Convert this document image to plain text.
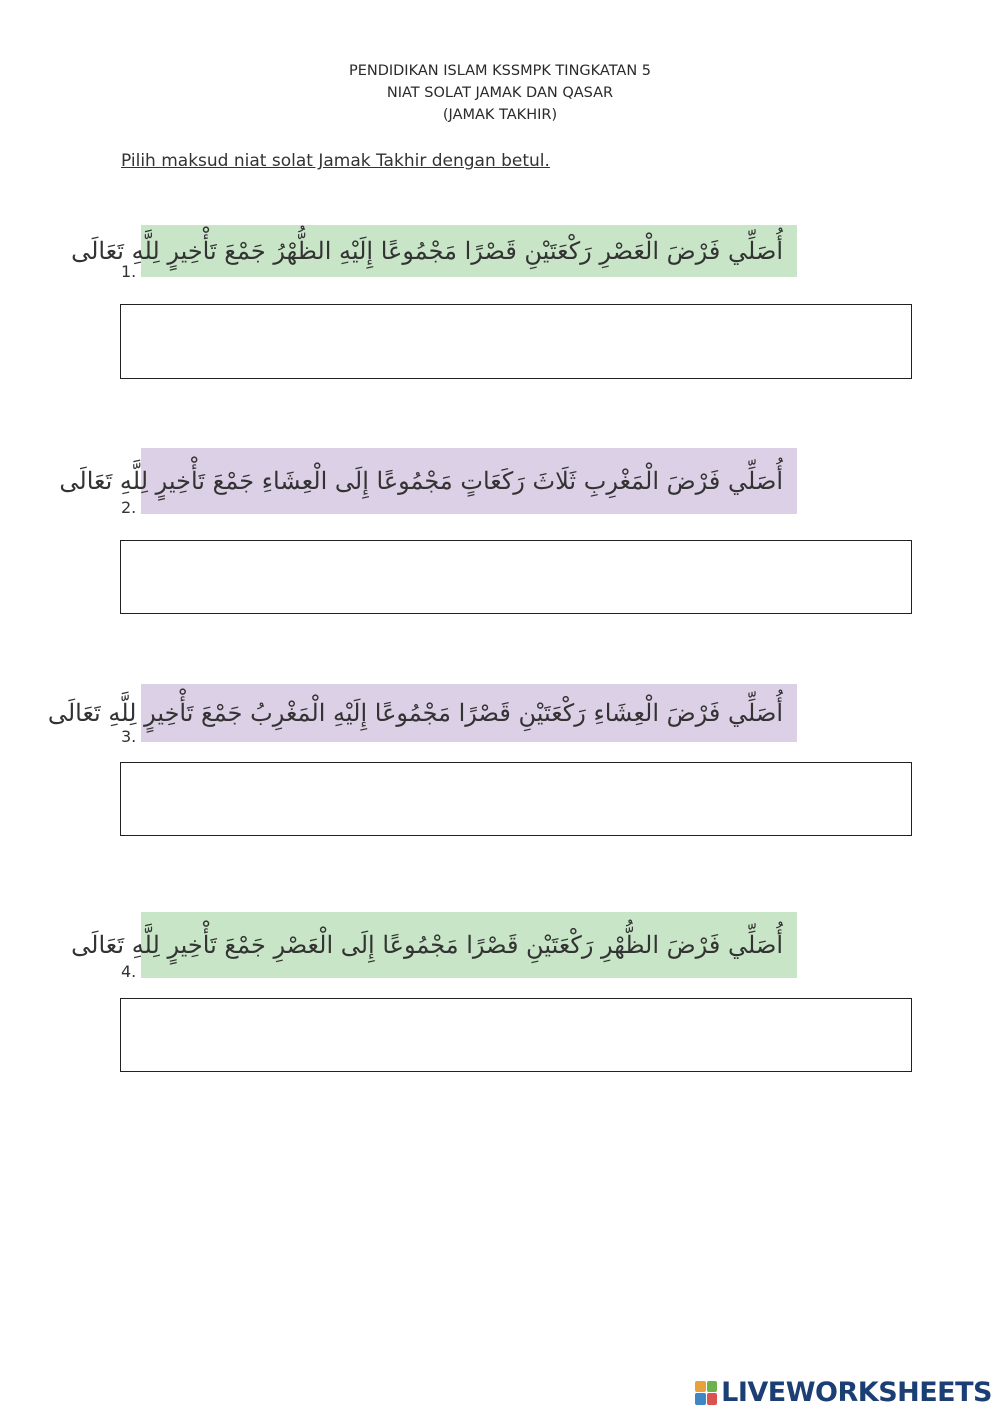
PENDIDIKAN ISLAM KSSMPK TINGKATAN 5
NIAT SOLAT JAMAK DAN QASAR
(JAMAK TAKHIR)
Pilih maksud niat solat Jamak Takhir dengan betul.
أُصَلِّي فَرْضَ الْعَصْرِ رَكْعَتَيْنِ قَصْرًا مَجْمُوعًا إِلَيْهِ الظُّهْرُ جَمْعَ تَأْخِيرٍ لِلَّهِ تَعَالَى
1.
أُصَلِّي فَرْضَ الْمَغْرِبِ ثَلَاثَ رَكَعَاتٍ مَجْمُوعًا إِلَى الْعِشَاءِ جَمْعَ تَأْخِيرٍ لِلَّهِ تَعَالَى
2.
أُصَلِّي فَرْضَ الْعِشَاءِ رَكْعَتَيْنِ قَصْرًا مَجْمُوعًا إِلَيْهِ الْمَغْرِبُ جَمْعَ تَأْخِيرٍ لِلَّهِ تَعَالَى
3.
أُصَلِّي فَرْضَ الظُّهْرِ رَكْعَتَيْنِ قَصْرًا مَجْمُوعًا إِلَى الْعَصْرِ جَمْعَ تَأْخِيرٍ لِلَّهِ تَعَالَى
4.
LIVEWORKSHEETS
